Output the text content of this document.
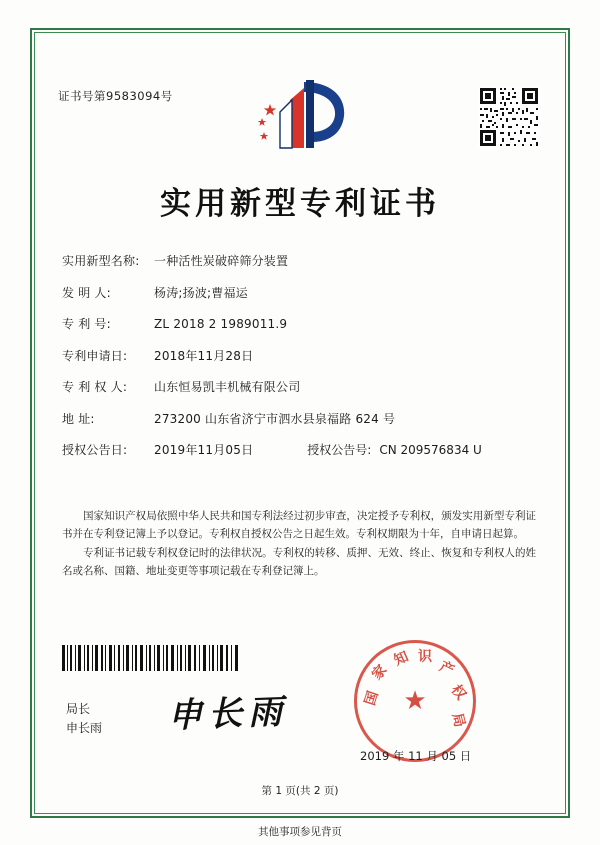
证书号第9583094号
实用新型专利证书
实用新型名称:	一种活性炭破碎筛分装置
发 明 人:	杨涛;扬波;曹福运
专 利 号:	ZL 2018 2 1989011.9
专利申请日:	2018年11月28日
专 利 权 人:	山东恒易凯丰机械有限公司
地 址:	273200 山东省济宁市泗水县泉福路 624 号
授权公告日:	2019年11月05日	授权公告号: CN 209576834 U
国家知识产权局依照中华人民共和国专利法经过初步审查，决定授予专利权，颁发实用新型专利证书并在专利登记簿上予以登记。专利权自授权公告之日起生效。专利权期限为十年，自申请日起算。
专利证书记载专利权登记时的法律状况。专利权的转移、质押、无效、终止、恢复和专利权人的姓名或名称、国籍、地址变更等事项记载在专利登记簿上。
局长
申长雨 申长雨	★
国
家
知 识
产
权
局
2019 年 11 月 05 日
第 1 页(共 2 页)
其他事项参见背页
